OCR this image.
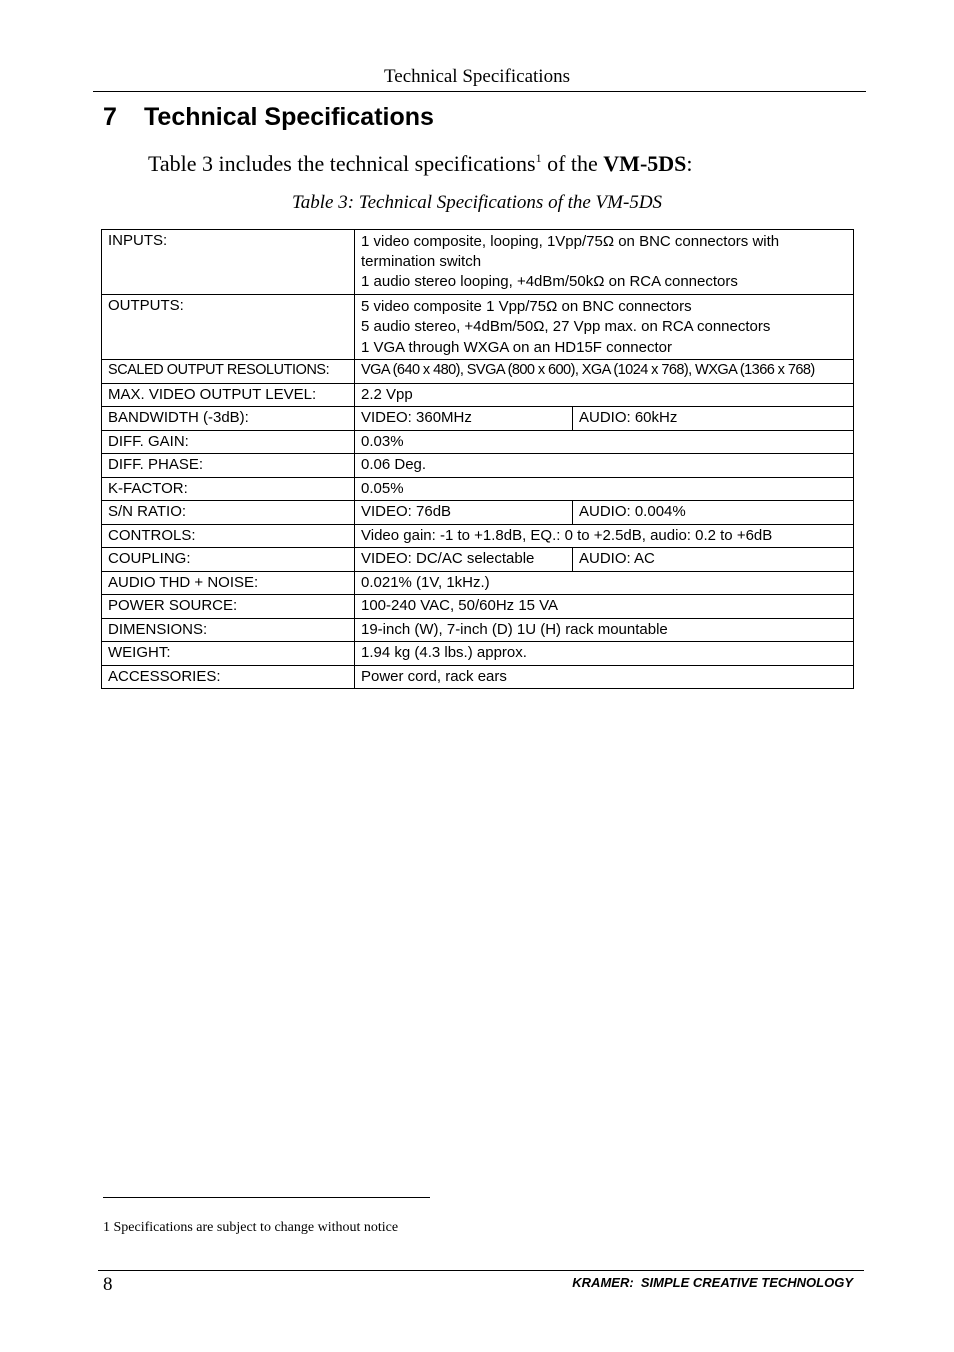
Technical Specifications
7 Technical Specifications
Table 3 includes the technical specifications$^1$ of the VM-5DS:
Table 3: Technical Specifications of the VM-5DS
INPUTS:	1 video composite, looping, 1Vpp/75Ω on BNC connectors with
termination switch
1 audio stereo looping, +4dBm/50kΩ on RCA connectors	

OUTPUTS:	5 video composite 1 Vpp/75Ω on BNC connectors
5 audio stereo, +4dBm/50Ω, 27 Vpp max. on RCA connectors
1 VGA through WXGA on an HD15F connector	

SCALED OUTPUT RESOLUTIONS:	VGA (640 x 480), SVGA (800 x 600), XGA (1024 x 768), WXGA (1366 x 768)	
MAX. VIDEO OUTPUT LEVEL:	2.2 Vpp	
BANDWIDTH (-3dB):	VIDEO: 360MHz	AUDIO: 60kHz
DIFF. GAIN:	0.03%	
DIFF. PHASE:	0.06 Deg.	
K-FACTOR:	0.05%	
S/N RATIO:	VIDEO: 76dB	AUDIO: 0.004%
CONTROLS:	Video gain: -1 to +1.8dB, EQ.: 0 to +2.5dB, audio: 0.2 to +6dB	
COUPLING:	VIDEO: DC/AC selectable	AUDIO: AC
AUDIO THD + NOISE:	0.021% (1V, 1kHz.)	
POWER SOURCE:	100-240 VAC, 50/60Hz 15 VA	
DIMENSIONS:	19-inch (W), 7-inch (D) 1U (H) rack mountable	
WEIGHT:	1.94 kg (4.3 lbs.) approx.	
ACCESSORIES:	Power cord, rack ears	
1 Specifications are subject to change without notice
8	KRAMER:  SIMPLE CREATIVE TECHNOLOGY
